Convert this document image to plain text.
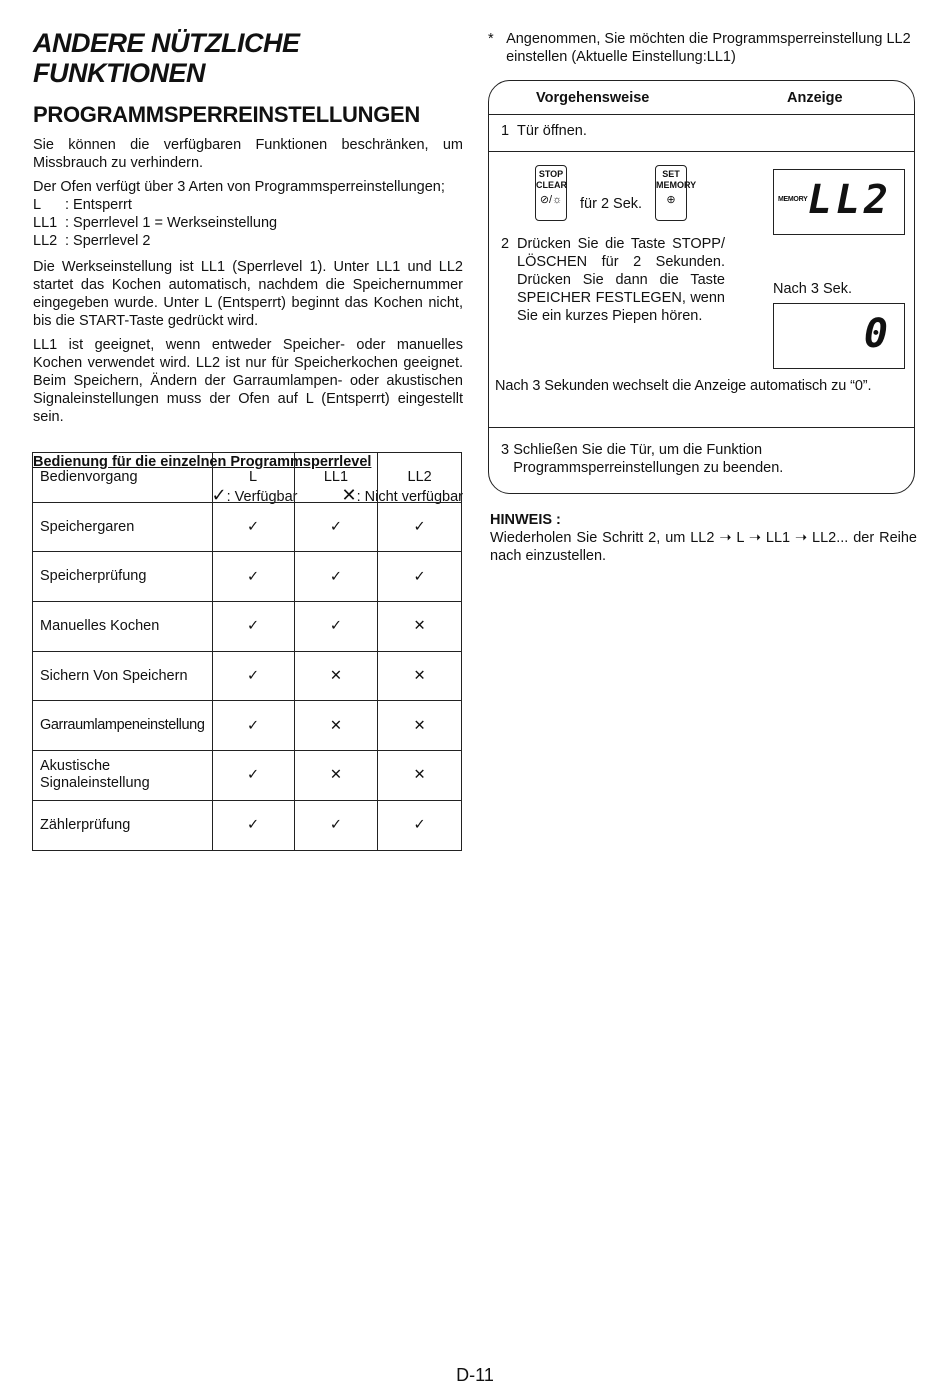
ANDERE NÜTZLICHE FUNKTIONEN
PROGRAMMSPERREINSTELLUNGEN
Sie können die verfügbaren Funktionen beschränken, um Missbrauch zu verhindern.
Der Ofen verfügt über 3 Arten von Programmsperreinstellungen;
L	: Entsperrt
LL1 : Sperrlevel 1 = Werkseinstellung
LL2 : Sperrlevel 2
Die Werkseinstellung ist LL1 (Sperrlevel 1). Unter LL1 und LL2 startet das Kochen automatisch, nachdem die Speichernummer eingegeben wurde. Unter L (Entsperrt) beginnt das Kochen nicht, bis die START-Taste gedrückt wird.
LL1 ist geeignet, wenn entweder Speicher- oder manuelles Kochen verwendet wird. LL2 ist nur für Speicherkochen geeignet. Beim Speichern, Ändern der Garraumlampen- oder akustischen Signaleinstellungen muss der Ofen auf L (Entsperrt) eingestellt sein.
Bedienung für die einzelnen Programmsperrlevel
✓: Verfügbar ✕: Nicht verfügbar
Bedienvorgang	L	LL1	LL2
Speichergaren	✓	✓	✓
Speicherprüfung	✓	✓	✓
Manuelles Kochen	✓	✓	✕
Sichern Von Speichern	✓	✕	✕
Garraumlampeneinstellung	✓	✕	✕
Akustische Signaleinstellung	✓	✕	✕
Zählerprüfung	✓	✓	✓
* Angenommen, Sie möchten die Programmsperreinstellung LL2 einstellen (Aktuelle Einstellung:LL1)
Vorgehensweise	Anzeige
1 Tür öffnen.
STOP
CLEAR
⊘/☼ für 2 Sek.
SET
MEMORY
⊕	MEMORY LL2
Nach 3 Sek.
0
2 Drücken Sie die Taste STOPP/ LÖSCHEN für 2 Sekunden. Drücken Sie dann die Taste SPEICHER FESTLEGEN, wenn Sie ein kurzes Piepen hören.
Nach 3 Sekunden wechselt die Anzeige automatisch zu “0”.
3 Schließen Sie die Tür, um die Funktion Programmsperreinstellungen zu beenden.
HINWEIS :
Wiederholen Sie Schritt 2, um LL2 ➝ L ➝ LL1 ➝ LL2... der Reihe nach einzustellen.
D-11
